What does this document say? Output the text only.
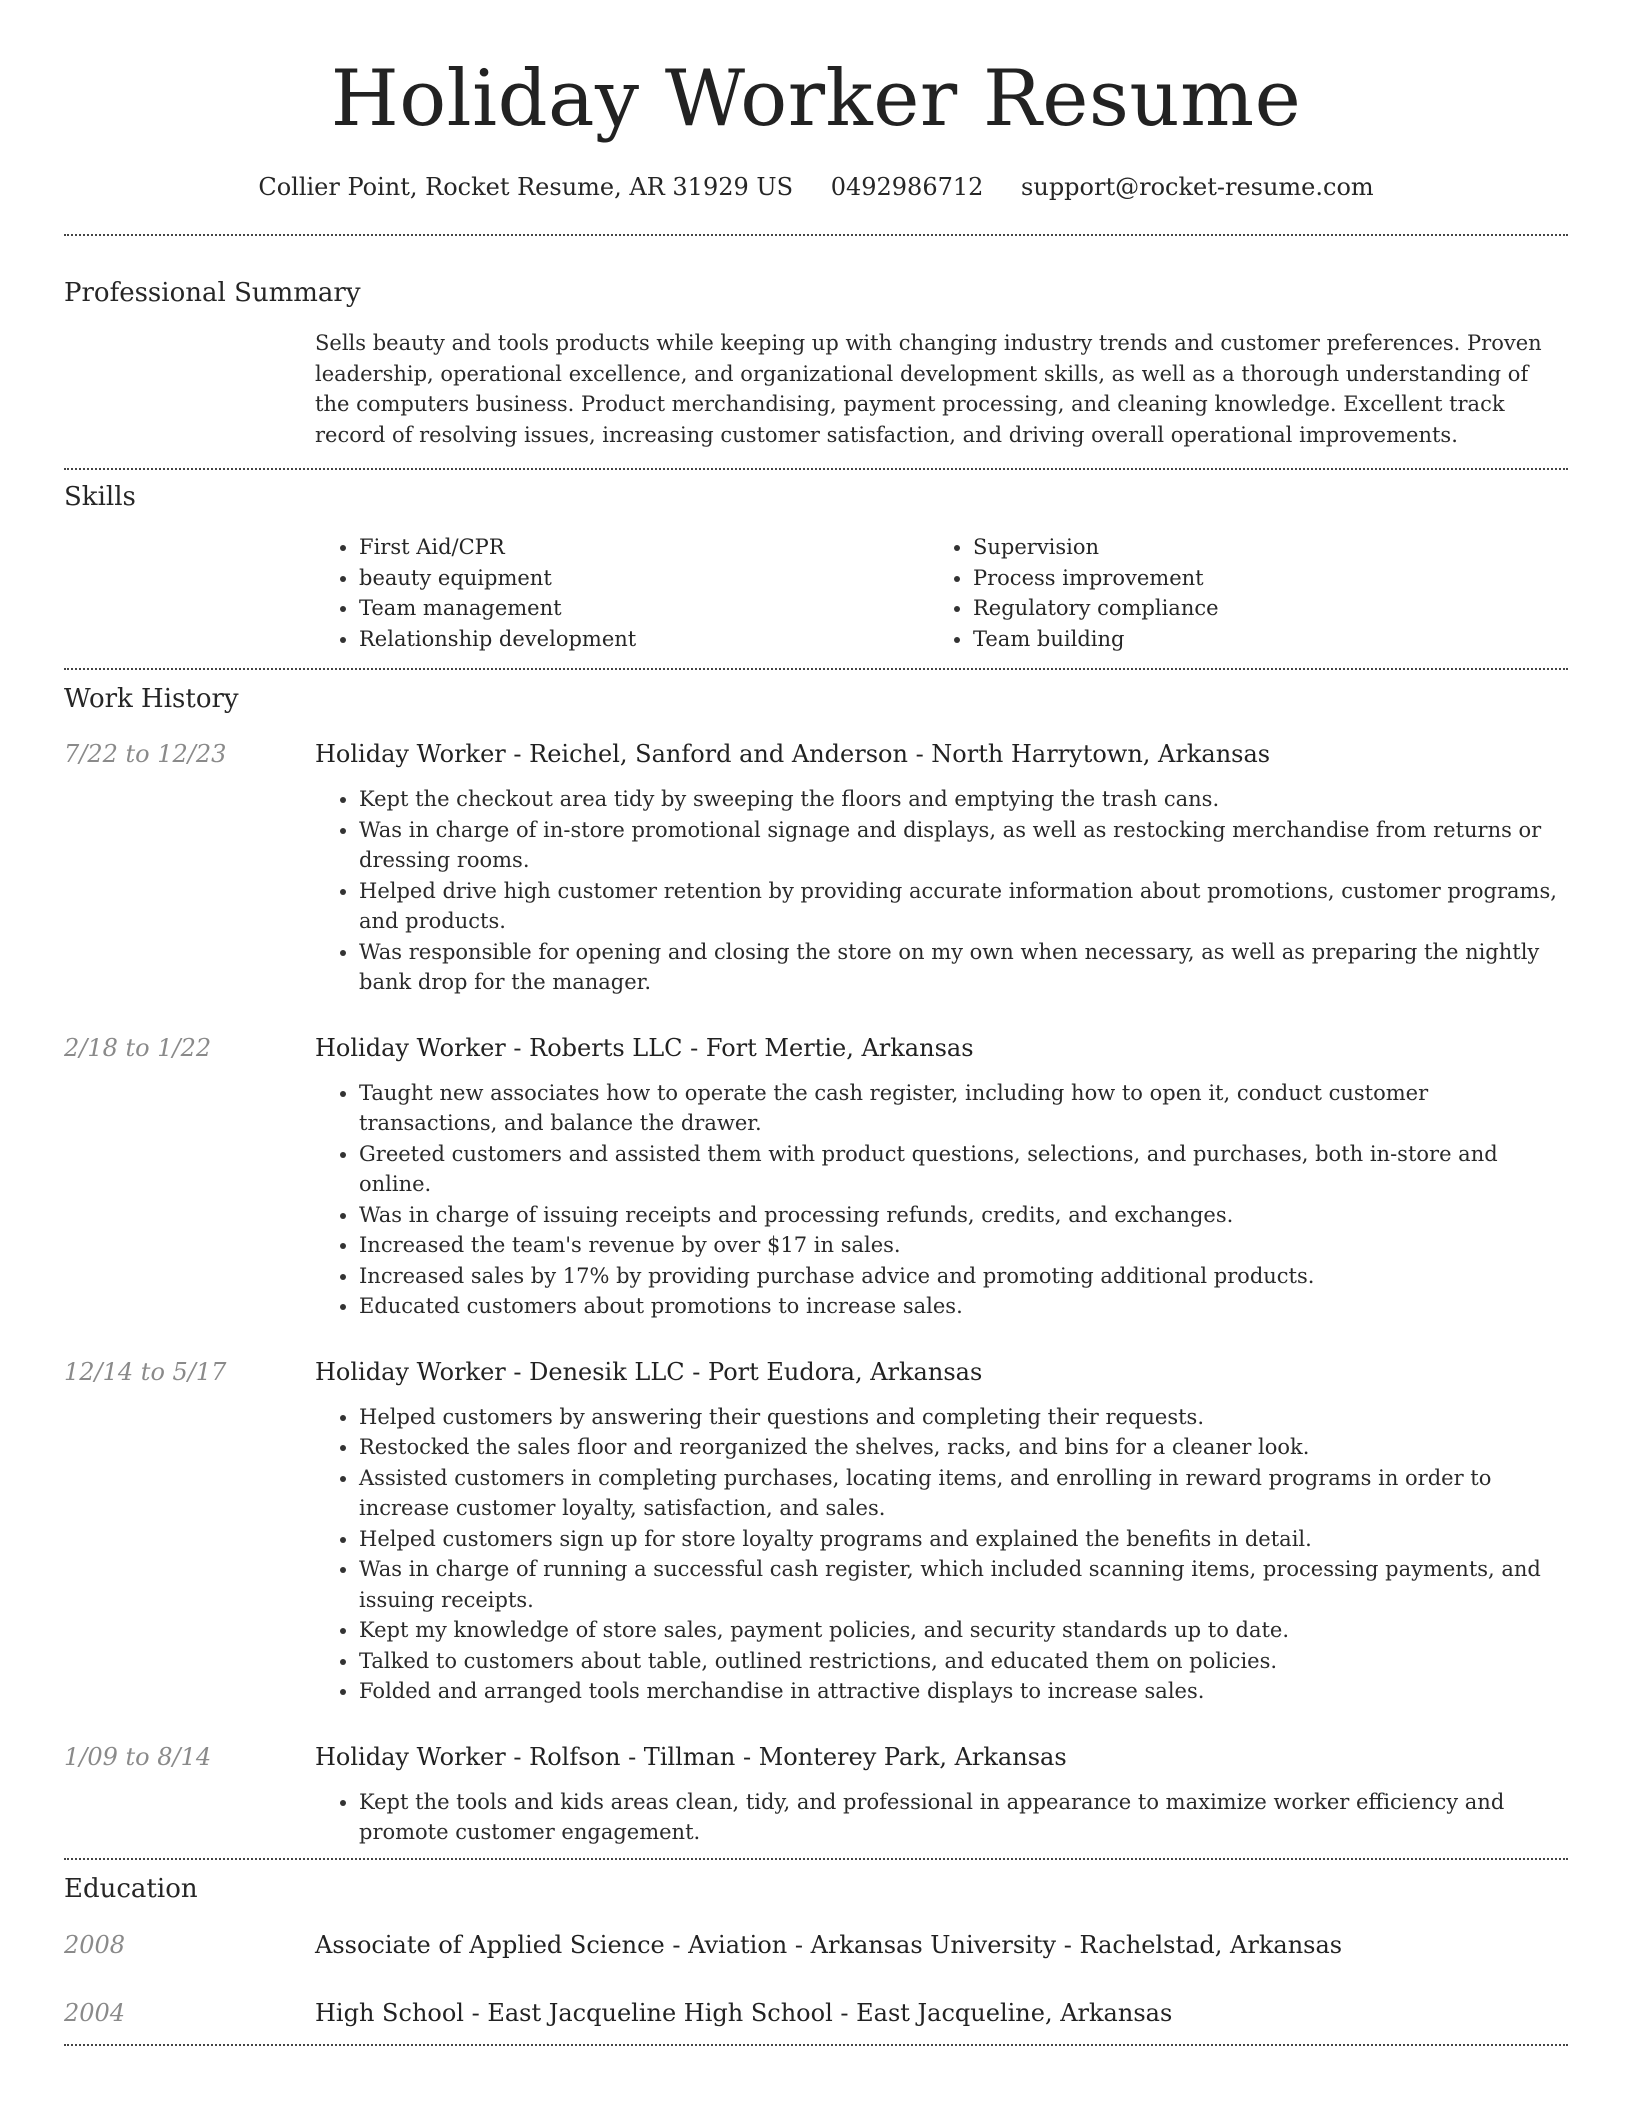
Holiday Worker Resume
Collier Point, Rocket Resume, AR 31929 US 0492986712 support@rocket-resume.com
Professional Summary

Sells beauty and tools products while keeping up with changing industry trends and customer preferences. Proven leadership, operational excellence, and organizational development skills, as well as a thorough understanding of the computers business. Product merchandising, payment processing, and cleaning knowledge. Excellent track record of resolving issues, increasing customer satisfaction, and driving overall operational improvements.

Skills
• First Aid/CPR
• beauty equipment
• Team management
• Relationship development
• Supervision
• Process improvement
• Regulatory compliance
• Team building
Work History
7/22 to 12/23	Holiday Worker - Reichel, Sanford and Anderson - North Harrytown, Arkansas
• Kept the checkout area tidy by sweeping the floors and emptying the trash cans.
• Was in charge of in-store promotional signage and displays, as well as restocking merchandise from returns or dressing rooms.
• Helped drive high customer retention by providing accurate information about promotions, customer programs, and products.
• Was responsible for opening and closing the store on my own when necessary, as well as preparing the nightly bank drop for the manager.
2/18 to 1/22	Holiday Worker - Roberts LLC - Fort Mertie, Arkansas
• Taught new associates how to operate the cash register, including how to open it, conduct customer transactions, and balance the drawer.
• Greeted customers and assisted them with product questions, selections, and purchases, both in-store and online.
• Was in charge of issuing receipts and processing refunds, credits, and exchanges.
• Increased the team's revenue by over $17 in sales.
• Increased sales by 17% by providing purchase advice and promoting additional products.
• Educated customers about promotions to increase sales.
12/14 to 5/17	Holiday Worker - Denesik LLC - Port Eudora, Arkansas
• Helped customers by answering their questions and completing their requests.
• Restocked the sales floor and reorganized the shelves, racks, and bins for a cleaner look.
• Assisted customers in completing purchases, locating items, and enrolling in reward programs in order to increase customer loyalty, satisfaction, and sales.
• Helped customers sign up for store loyalty programs and explained the benefits in detail.
• Was in charge of running a successful cash register, which included scanning items, processing payments, and issuing receipts.
• Kept my knowledge of store sales, payment policies, and security standards up to date.
• Talked to customers about table, outlined restrictions, and educated them on policies.
• Folded and arranged tools merchandise in attractive displays to increase sales.
1/09 to 8/14	Holiday Worker - Rolfson - Tillman - Monterey Park, Arkansas
• Kept the tools and kids areas clean, tidy, and professional in appearance to maximize worker efficiency and promote customer engagement.
Education
2008	Associate of Applied Science - Aviation - Arkansas University - Rachelstad, Arkansas
2004	High School - East Jacqueline High School - East Jacqueline, Arkansas
